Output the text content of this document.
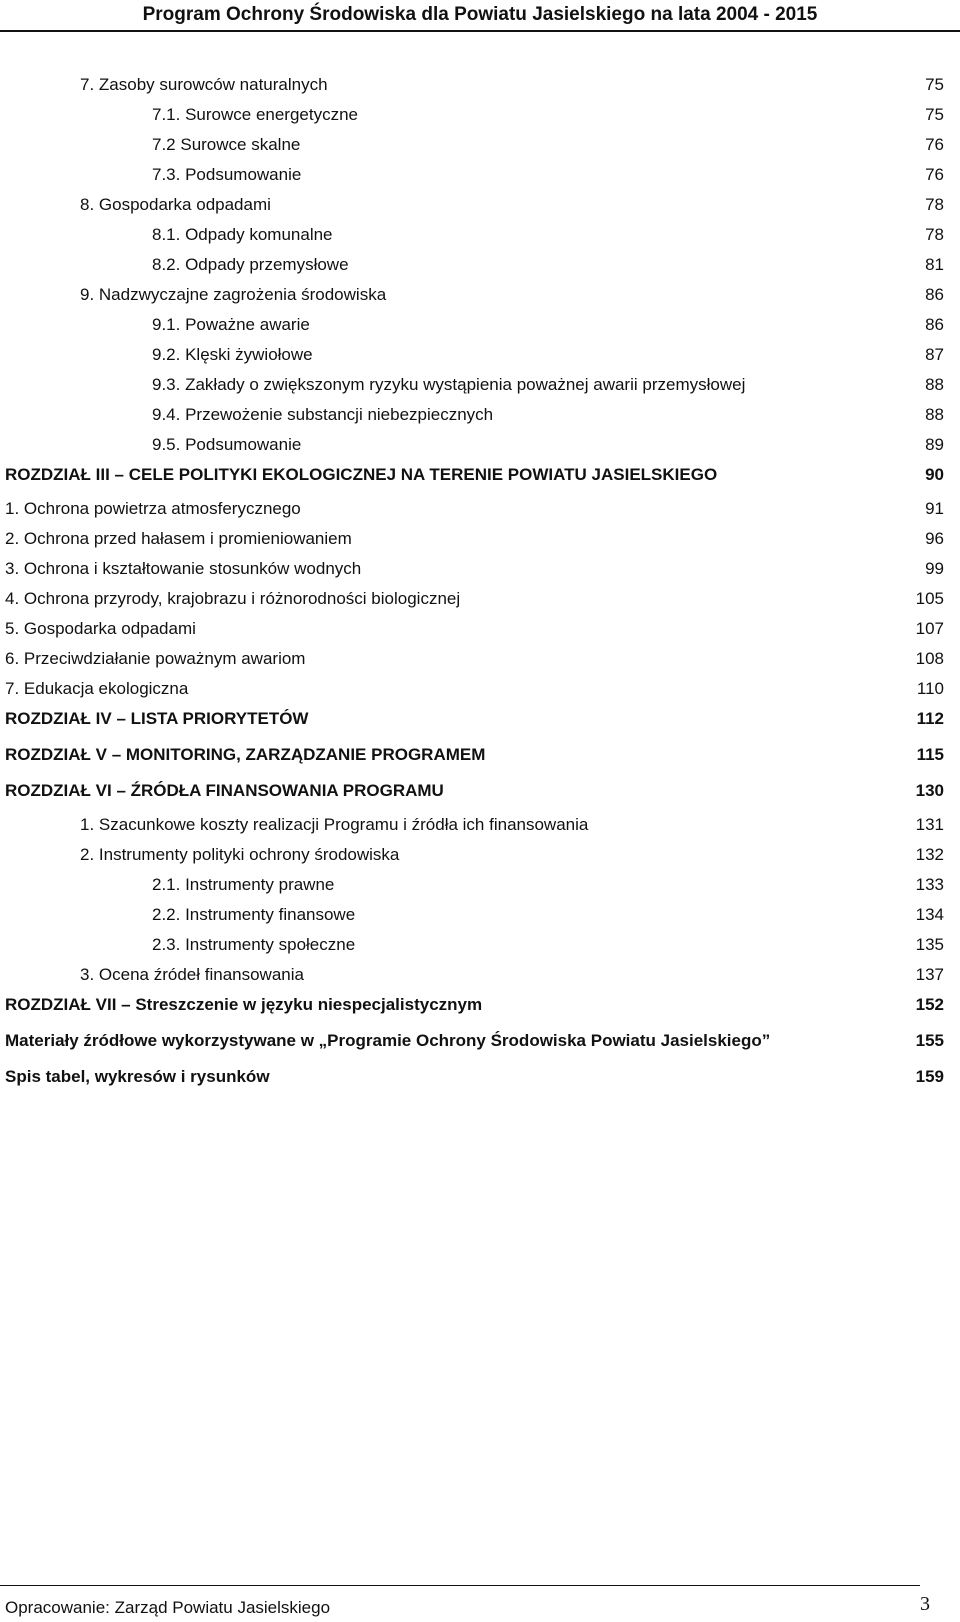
Program Ochrony Środowiska dla Powiatu Jasielskiego na lata 2004 - 2015
7. Zasoby surowców naturalnych	75
7.1. Surowce energetyczne	75
7.2 Surowce skalne	76
7.3. Podsumowanie	76
8. Gospodarka odpadami	78
8.1. Odpady komunalne	78
8.2. Odpady przemysłowe	81
9. Nadzwyczajne zagrożenia środowiska	86
9.1. Poważne awarie	86
9.2. Klęski żywiołowe	87
9.3. Zakłady o zwiększonym ryzyku wystąpienia poważnej awarii przemysłowej	88
9.4. Przewożenie substancji niebezpiecznych	88
9.5. Podsumowanie	89
ROZDZIAŁ III – CELE POLITYKI EKOLOGICZNEJ NA TERENIE POWIATU JASIELSKIEGO	90
1. Ochrona powietrza atmosferycznego	91
2. Ochrona przed hałasem i promieniowaniem	96
3. Ochrona i kształtowanie stosunków wodnych	99
4. Ochrona przyrody, krajobrazu i różnorodności biologicznej	105
5. Gospodarka odpadami	107
6. Przeciwdziałanie poważnym awariom	108
7. Edukacja ekologiczna	110
ROZDZIAŁ IV – LISTA PRIORYTETÓW	112
ROZDZIAŁ V – MONITORING, ZARZĄDZANIE PROGRAMEM	115
ROZDZIAŁ VI – ŹRÓDŁA FINANSOWANIA PROGRAMU	130
1. Szacunkowe koszty realizacji Programu i źródła ich finansowania	131
2. Instrumenty polityki ochrony środowiska	132
2.1. Instrumenty prawne	133
2.2. Instrumenty finansowe	134
2.3. Instrumenty społeczne	135
3. Ocena źródeł finansowania	137
ROZDZIAŁ VII – Streszczenie w języku niespecjalistycznym	152
Materiały źródłowe wykorzystywane w „Programie Ochrony Środowiska Powiatu Jasielskiego”	155
Spis tabel, wykresów i rysunków	159
Opracowanie: Zarząd Powiatu Jasielskiego	3
